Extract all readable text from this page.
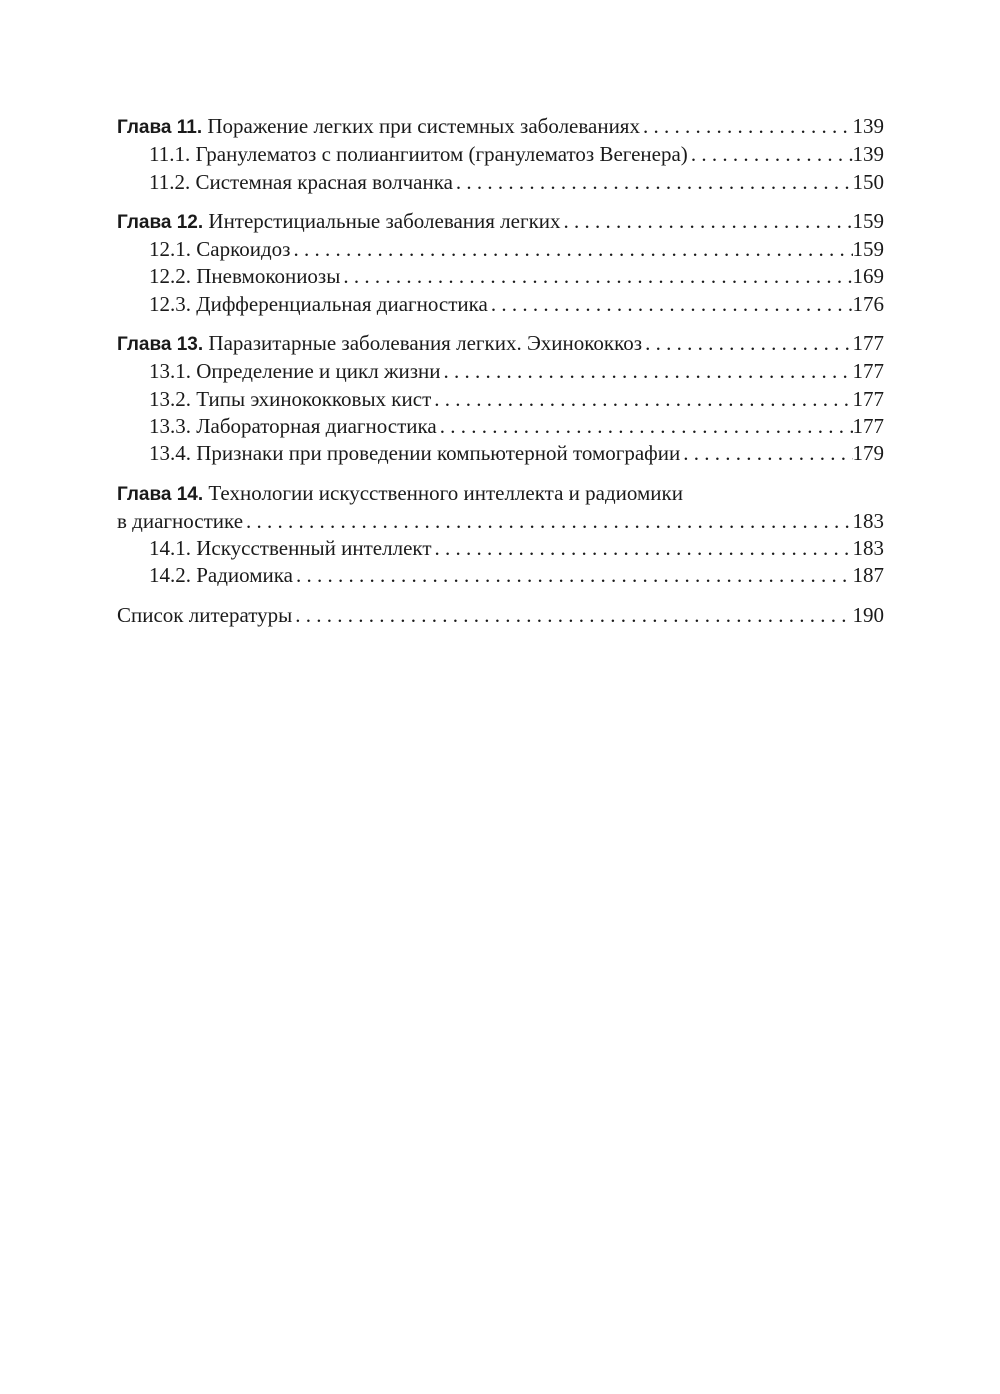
Глава 11. Поражение легких при системных заболеваниях . . .	139
11.1. Гранулематоз с полиангиитом (гранулематоз Вегенера) . . .	139
11.2. Системная красная волчанка . . .	150
Глава 12. Интерстициальные заболевания легких . . .	159
12.1. Саркоидоз . . .	159
12.2. Пневмокониозы . . .	169
12.3. Дифференциальная диагностика . . .	176
Глава 13. Паразитарные заболевания легких. Эхинококкоз . . .	177
13.1. Определение и цикл жизни . . .	177
13.2. Типы эхинококковых кист . . .	177
13.3. Лабораторная диагностика . . .	177
13.4. Признаки при проведении компьютерной томографии . . .	179
Глава 14. Технологии искусственного интеллекта и радиомики
в диагностике . . .	183
14.1. Искусственный интеллект . . .	183
14.2. Радиомика . . .	187
Список литературы . . .	190
